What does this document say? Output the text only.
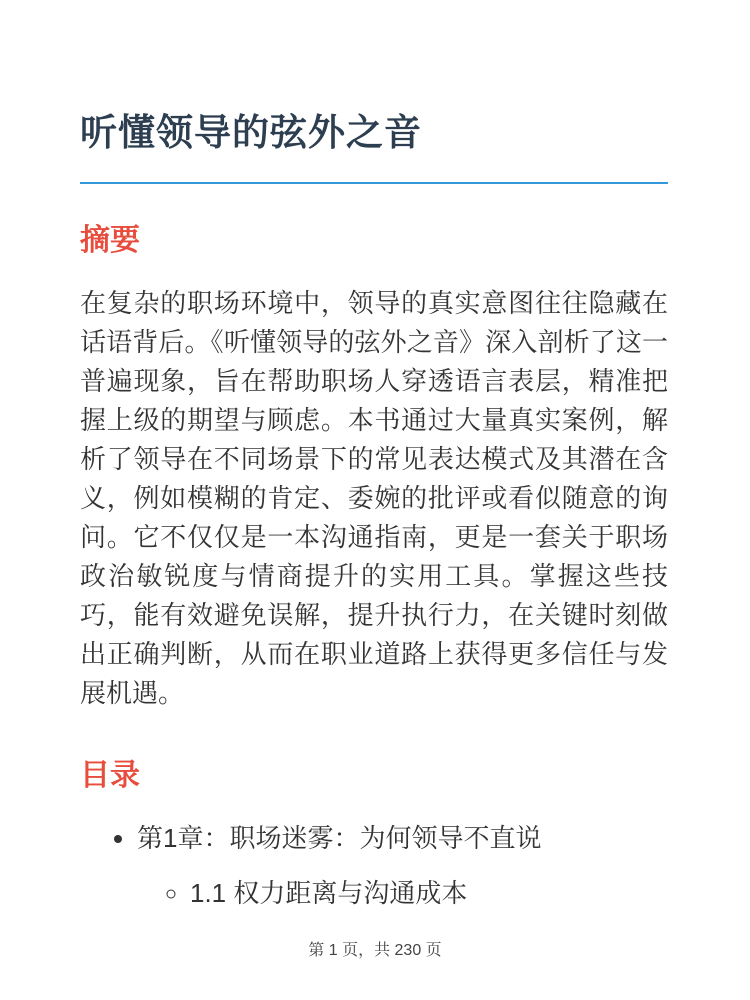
听懂领导的弦外之音
摘要

在复杂的职场环境中，领导的真实意图往往隐藏在话语背后。《听懂领导的弦外之音》深入剖析了这一普遍现象，旨在帮助职场人穿透语言表层，精准把握上级的期望与顾虑。本书通过大量真实案例，解析了领导在不同场景下的常见表达模式及其潜在含义，例如模糊的肯定、委婉的批评或看似随意的询问。它不仅仅是一本沟通指南，更是一套关于职场政治敏锐度与情商提升的实用工具。掌握这些技巧，能有效避免误解，提升执行力，在关键时刻做出正确判断，从而在职业道路上获得更多信任与发展机遇。

目录
• 第1章：职场迷雾：为何领导不直说
◦ 1.1 权力距离与沟通成本
第 1 页，共 230 页
